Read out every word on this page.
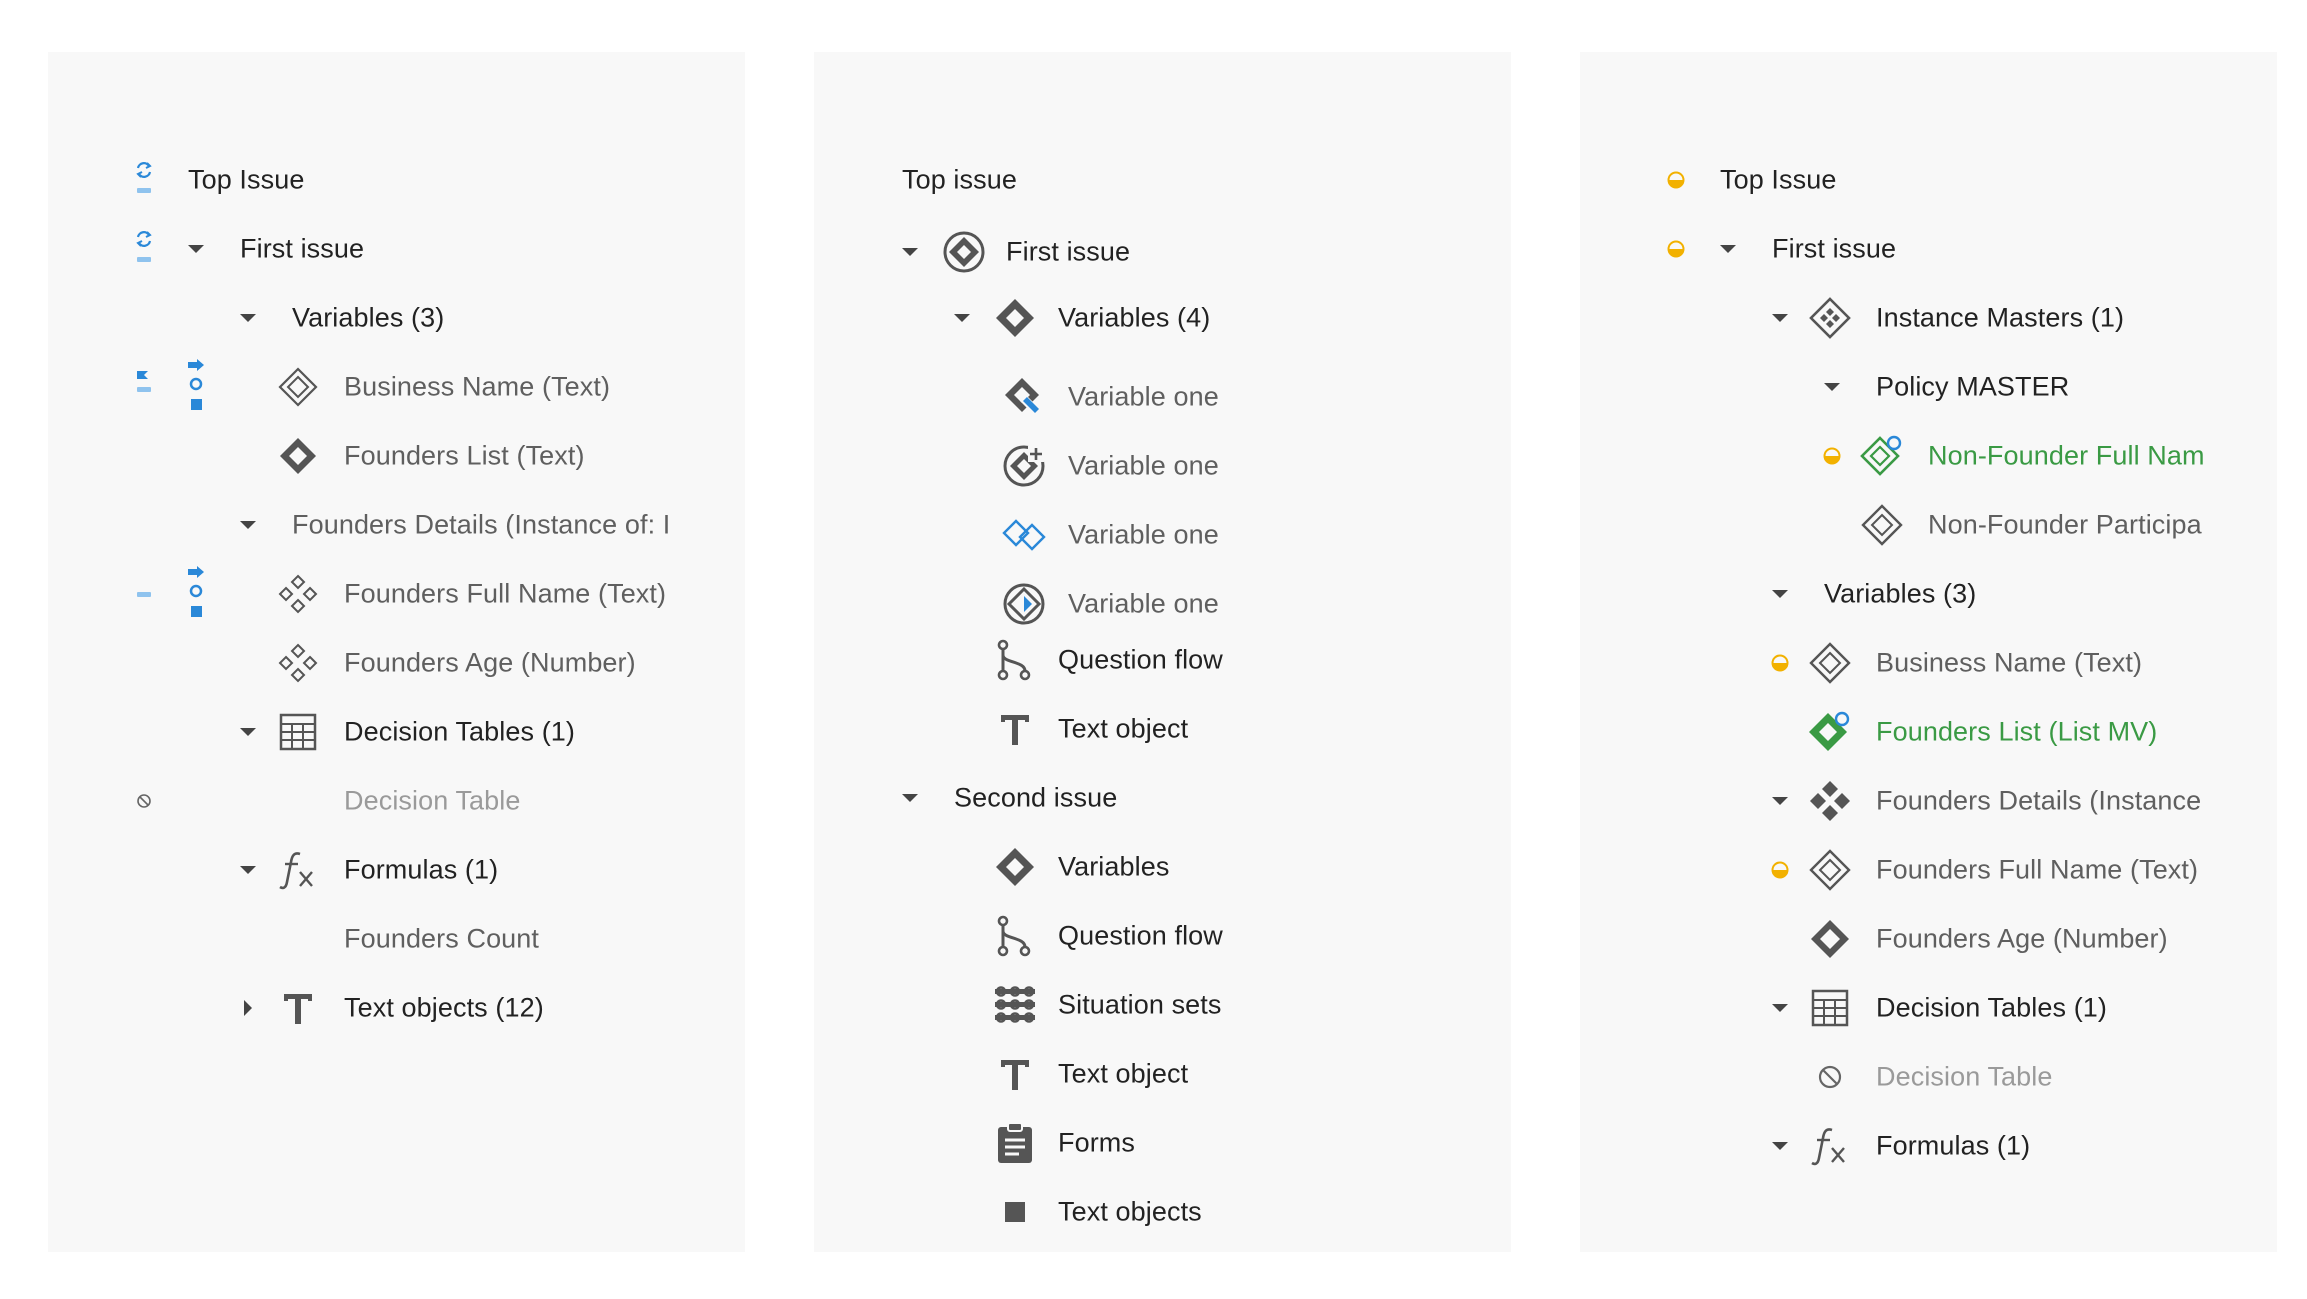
Top Issue
First issue
Variables (3)
Business Name (Text)
Founders List (Text)
Founders Details (Instance of: I
Founders Full Name (Text)
Founders Age (Number)
Decision Tables (1)
Decision Table
Formulas (1)
Founders Count
Text objects (12)
Top issue
First issue
Variables (4)
Variable one
Variable one
Variable one
Variable one
Question flow
Text object
Second issue
Variables
Question flow
Situation sets
Text object
Forms
Text objects
Top Issue
First issue
Instance Masters (1)
Policy MASTER
Non-Founder Full Nam
Non-Founder Participa
Variables (3)
Business Name (Text)
Founders List (List MV)
Founders Details (Instance
Founders Full Name (Text)
Founders Age (Number)
Decision Tables (1)
Decision Table
Formulas (1)
